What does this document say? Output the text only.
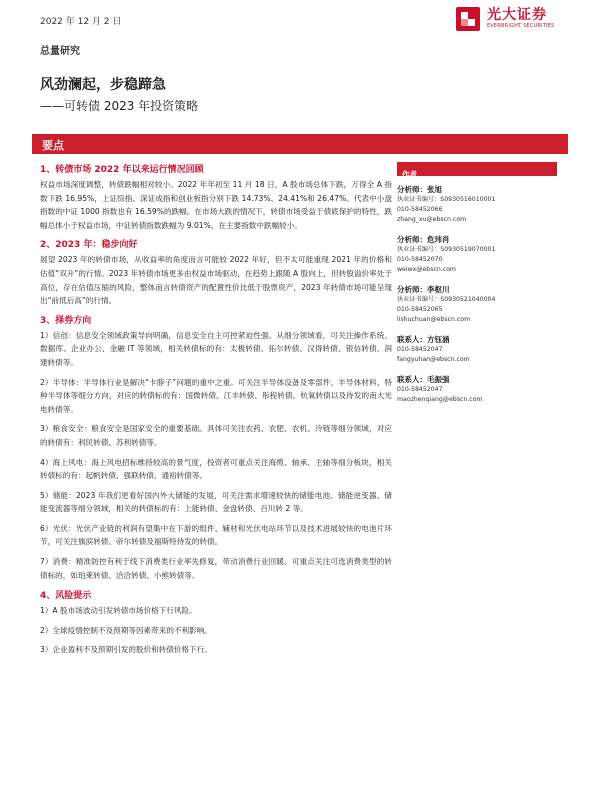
2022 年 12 月 2 日	光大证券
EVERBRIGHT SECURITIES
总量研究
风劲澜起，步稳蹄急
——可转债 2023 年投资策略
要点
1、转债市场 2022 年以来运行情况回顾
权益市场深度调整，转债跌幅相对较小。2022 年年初至 11 月 18 日，A 股市场总体下跌，万得全 A 指数下跌 16.95%，上证综指、深证成指和创业板指分别下跌 14.73%、24.41%和 26.47%。代表中小盘指数的中证 1000 指数也有 16.59%的跌幅。在市场大跌的情况下，转债市场受益于债底保护的特性，跌幅总体小于权益市场，中证转债指数跌幅为 9.01%，在主要指数中跌幅较小。
2、2023 年：稳步向好
展望 2023 年的转债市场，从收益率的角度而言可能较 2022 年好，但不太可能重现 2021 年的价格和估值“双升”的行情。2023 年转债市场更多由权益市场驱动，在趋势上跟随 A 股向上，但转股溢价率处于高位，存在估值压缩的风险，整体而言转债资产的配置性价比低于股票资产，2023 年转债市场可能呈现出“前低后高”的行情。
3、择券方向
1）信创：信息安全领域政策导向明确，信息安全自主可控紧迫性强。从细分领域看，可关注操作系统、数据库、企业办公、金融 IT 等领域，相关转债标的有：太极转债、拓尔转债、汉得转债、银信转债、润建转债等。
2）半导体：半导体行业是解决“卡脖子”问题的重中之重。可关注半导体设备及零部件、半导体材料、特种半导体等细分方向，对应的转债标的有：国微转债、江丰转债、彤程转债、杭氧转债以及待发的南大光电转债等。
3）粮食安全：粮食安全是国家安全的重要基础。具体可关注农药、农肥、农机、冷链等细分领域，对应的转债有：利民转债、苏利转债等。
4）海上风电：海上风电招标维持较高的景气度，投资者可重点关注海缆、轴承、主轴等细分板块，相关转债标的有：起帆转债、强联转债、通裕转债等。
5）储能：2023 年我们更看好国内外大储能的发展，可关注需求增速较快的储能电池、储能逆变器、储能变流器等细分领域，相关的转债标的有：上能转债、金盘转债、百川转 2 等。
6）光伏：光伏产业链的利润有望集中在下游的组件、辅材和光伏电站环节以及技术进展较快的电池片环节，可关注旗滨转债、帝尔转债及福斯特待发的转债。
7）消费：精准防控有利于线下消费类行业率先修复，带动消费行业回暖。可重点关注可选消费类型的转债标的，如珀莱转债、洽洽转债、小熊转债等。
4、风险提示
1）A 股市场波动引发转债市场价格下行风险。
2）全球疫情控制不及预期等因素带来的不利影响。
3）企业盈利不及预期引发的股价和转债价格下行。
作者
分析师：张旭
执业证书编号：S0930516010001
010-58452066
zhang_xu@ebscn.com
分析师：危玮肖
执业证书编号：S0930519070001
010-58452070
weiwx@ebscn.com
分析师：李枢川
执业证书编号：S0930521040004
010-58452065
lishuchuan@ebscn.com
联系人：方钰涵
010-58452047
fangyuhan@ebscn.com
联系人：毛振强
010-58452047
maozhenqiang@ebscn.com
